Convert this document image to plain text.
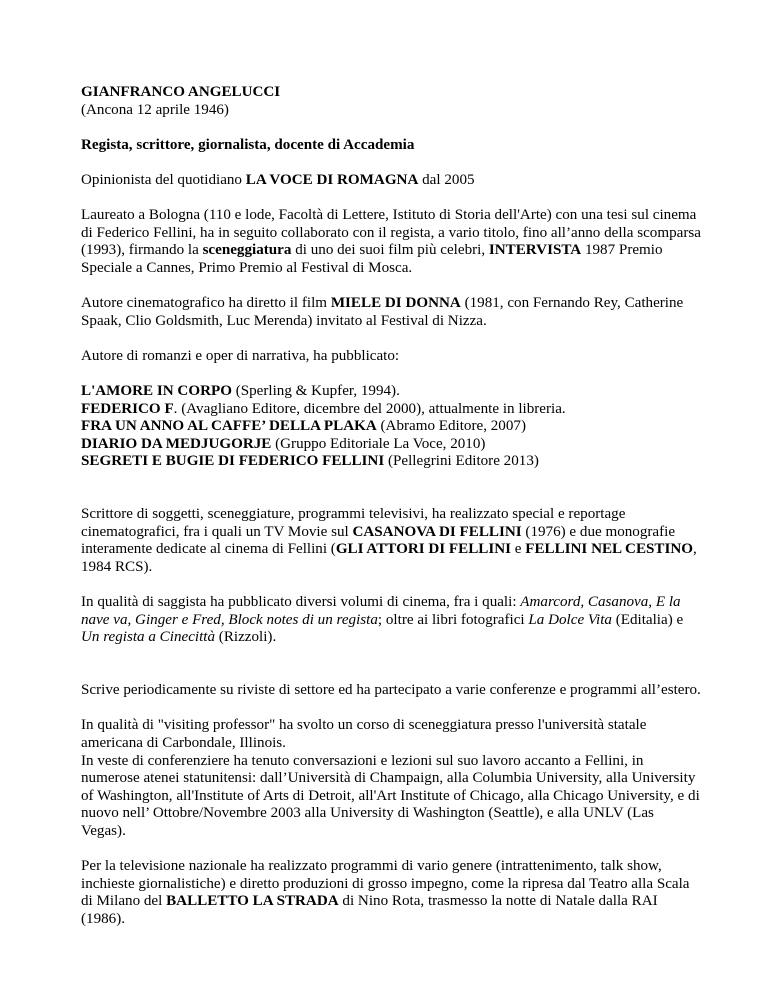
GIANFRANCO ANGELUCCI

(Ancona 12 aprile 1946)

Regista, scrittore, giornalista, docente di Accademia

Opinionista del quotidiano LA VOCE DI ROMAGNA dal 2005

Laureato a Bologna (110 e lode, Facoltà di Lettere, Istituto di Storia dell'Arte) con una tesi sul cinema di Federico Fellini, ha in seguito collaborato con il regista, a vario titolo, fino all’anno della scomparsa (1993), firmando la sceneggiatura di uno dei suoi film più celebri, INTERVISTA 1987 Premio Speciale a Cannes, Primo Premio al Festival di Mosca.

Autore cinematografico ha diretto il film MIELE DI DONNA (1981, con Fernando Rey, Catherine Spaak, Clio Goldsmith, Luc Merenda) invitato al Festival di Nizza.

Autore di romanzi e oper di narrativa, ha pubblicato:

L'AMORE IN CORPO (Sperling & Kupfer, 1994).
FEDERICO F. (Avagliano Editore, dicembre del 2000), attualmente in libreria.
FRA UN ANNO AL CAFFE’ DELLA PLAKA (Abramo Editore, 2007)
DIARIO DA MEDJUGORJE (Gruppo Editoriale La Voce, 2010)
SEGRETI E BUGIE DI FEDERICO FELLINI (Pellegrini Editore 2013)

Scrittore di soggetti, sceneggiature, programmi televisivi, ha realizzato special e reportage cinematografici, fra i quali un TV Movie sul CASANOVA DI FELLINI (1976) e due monografie interamente dedicate al cinema di Fellini (GLI ATTORI DI FELLINI e FELLINI NEL CESTINO, 1984 RCS).

In qualità di saggista ha pubblicato diversi volumi di cinema, fra i quali: Amarcord, Casanova, E la nave va, Ginger e Fred, Block notes di un regista; oltre ai libri fotografici La Dolce Vita (Editalia) e Un regista a Cinecittà (Rizzoli).

Scrive periodicamente su riviste di settore ed ha partecipato a varie conferenze e programmi all’estero.

In qualità di "visiting professor" ha svolto un corso di sceneggiatura presso l'università statale americana di Carbondale, Illinois.
In veste di conferenziere ha tenuto conversazioni e lezioni sul suo lavoro accanto a Fellini, in numerose atenei statunitensi: dall’Università di Champaign, alla Columbia University, alla University of Washington, all'Institute of Arts di Detroit, all'Art Institute of Chicago, alla Chicago University, e di nuovo nell’ Ottobre/Novembre 2003 alla University di Washington (Seattle), e alla UNLV (Las Vegas).

Per la televisione nazionale ha realizzato programmi di vario genere (intrattenimento, talk show, inchieste giornalistiche) e diretto produzioni di grosso impegno, come la ripresa dal Teatro alla Scala di Milano del BALLETTO LA STRADA di Nino Rota, trasmesso la notte di Natale dalla RAI (1986).
